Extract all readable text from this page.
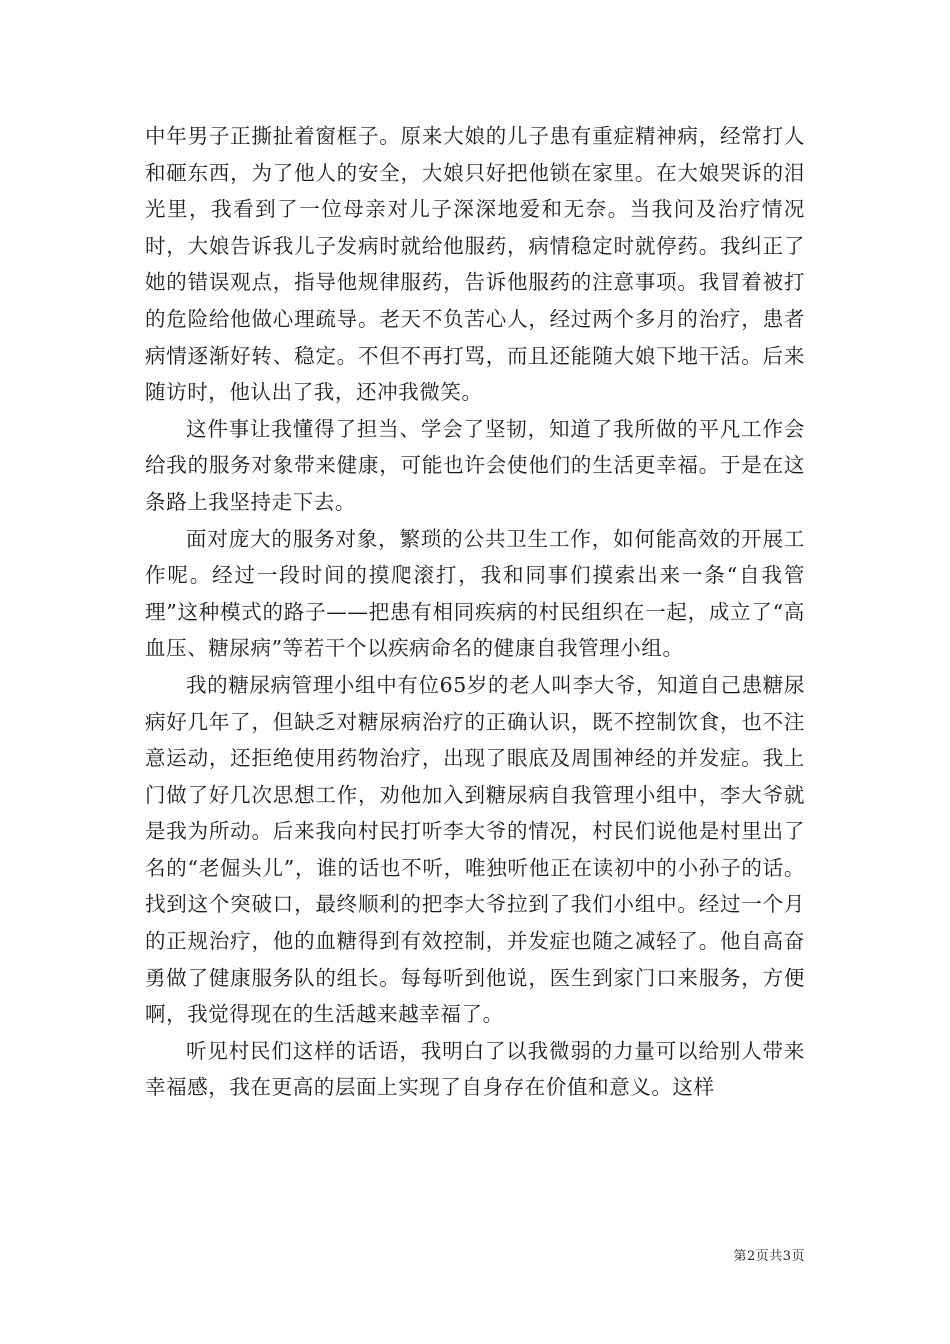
中年男子正撕扯着窗框子。原来大娘的儿子患有重症精神病，经常打人和砸东西，为了他人的安全，大娘只好把他锁在家里。在大娘哭诉的泪光里，我看到了一位母亲对儿子深深地爱和无奈。当我问及治疗情况时，大娘告诉我儿子发病时就给他服药，病情稳定时就停药。我纠正了她的错误观点，指导他规律服药，告诉他服药的注意事项。我冒着被打的危险给他做心理疏导。老天不负苦心人，经过两个多月的治疗，患者病情逐渐好转、稳定。不但不再打骂，而且还能随大娘下地干活。后来随访时，他认出了我，还冲我微笑。

这件事让我懂得了担当、学会了坚韧，知道了我所做的平凡工作会给我的服务对象带来健康，可能也许会使他们的生活更幸福。于是在这条路上我坚持走下去。

面对庞大的服务对象，繁琐的公共卫生工作，如何能高效的开展工作呢。经过一段时间的摸爬滚打，我和同事们摸索出来一条“自我管理”这种模式的路子——把患有相同疾病的村民组织在一起，成立了“高血压、糖尿病”等若干个以疾病命名的健康自我管理小组。

我的糖尿病管理小组中有位65岁的老人叫李大爷，知道自己患糖尿病好几年了，但缺乏对糖尿病治疗的正确认识，既不控制饮食，也不注意运动，还拒绝使用药物治疗，出现了眼底及周围神经的并发症。我上门做了好几次思想工作，劝他加入到糖尿病自我管理小组中，李大爷就是我为所动。后来我向村民打听李大爷的情况，村民们说他是村里出了名的“老倔头儿”，谁的话也不听，唯独听他正在读初中的小孙子的话。找到这个突破口，最终顺利的把李大爷拉到了我们小组中。经过一个月的正规治疗，他的血糖得到有效控制，并发症也随之减轻了。他自高奋勇做了健康服务队的组长。每每听到他说，医生到家门口来服务，方便啊，我觉得现在的生活越来越幸福了。

听见村民们这样的话语，我明白了以我微弱的力量可以给别人带来幸福感，我在更高的层面上实现了自身存在价值和意义。这样

第2页共3页
